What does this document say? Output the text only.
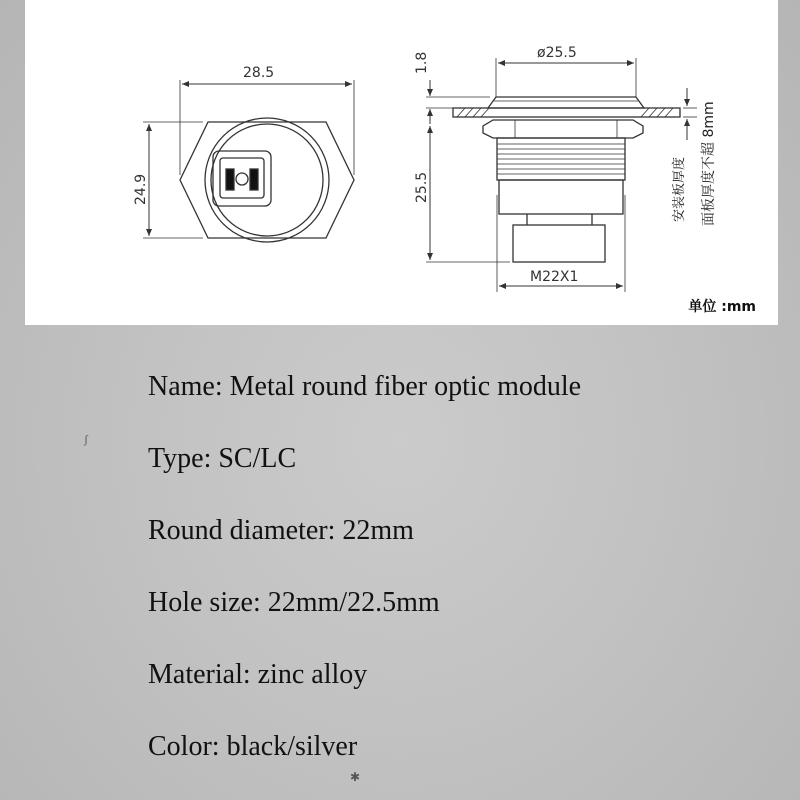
28.5
24.9
ø25.5
1.8
25.5
M22X1
安装板厚度 面板厚度不超 8mm
单位 :mm
Name: Metal round fiber optic module
Type: SC/LC
Round diameter: 22mm
Hole size: 22mm/22.5mm
Material: zinc alloy
Color: black/silver
ʃ
✱
